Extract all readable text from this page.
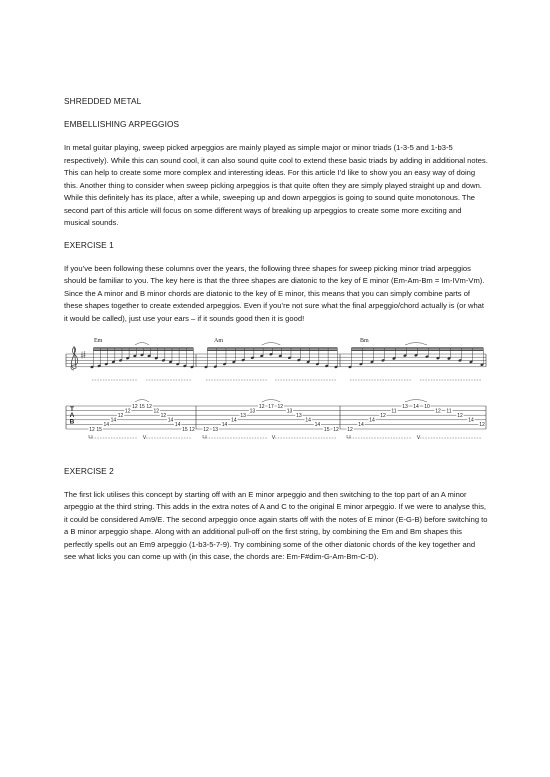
SHREDDED METAL

EMBELLISHING ARPEGGIOS

In metal guitar playing, sweep picked arpeggios are mainly played as simple major or minor triads (1-3-5 and 1-b3-5 respectively). While this can sound cool, it can also sound quite cool to extend these basic triads by adding in additional notes. This can help to create some more complex and interesting ideas. For this article I’d like to show you an easy way of doing this. Another thing to consider when sweep picking arpeggios is that quite often they are simply played straight up and down. While this definitely has its place, after a while, sweeping up and down arpeggios is going to sound quite monotonous. The second part of this article will focus on some different ways of breaking up arpeggios to create some more exciting and musical sounds.

EXERCISE 1

If you’ve been following these columns over the years, the following three shapes for sweep picking minor triad arpeggios should be familiar to you. The key here is that the three shapes are diatonic to the key of E minor (Em-Am-Bm = Im-IVm-Vm). Since the A minor and B minor chords are diatonic to the key of E minor, this means that you can simply combine parts of these shapes together to create extended arpeggios. Even if you’re not sure what the final arpeggio/chord actually is (or what it would be called), just use your ears – if it sounds good then it is good!

T
A
B
Em	Am	Bm
12 15
14
14
12
12
12 15 12
12
12
14
14
15 12 12 13
14
14
13
13
12 17 12
13
13
14
14
15 12 12
14
14
12
11
13 14 10
12 11
12
14
12

EXERCISE 2

The first lick utilises this concept by starting off with an E minor arpeggio and then switching to the top part of an A minor arpeggio at the third string. This adds in the extra notes of A and C to the original E minor arpeggio. If we were to analyse this, it could be considered Am9/E. The second arpeggio once again starts off with the notes of E minor (E-G-B) before switching to a B minor arpeggio shape. Along with an additional pull-off on the first string, by combining the Em and Bm shapes this perfectly spells out an Em9 arpeggio (1-b3-5-7-9). Try combining some of the other diatonic chords of the key together and see what licks you can come up with (in this case, the chords are: Em-F#dim-G-Am-Bm-C-D).
